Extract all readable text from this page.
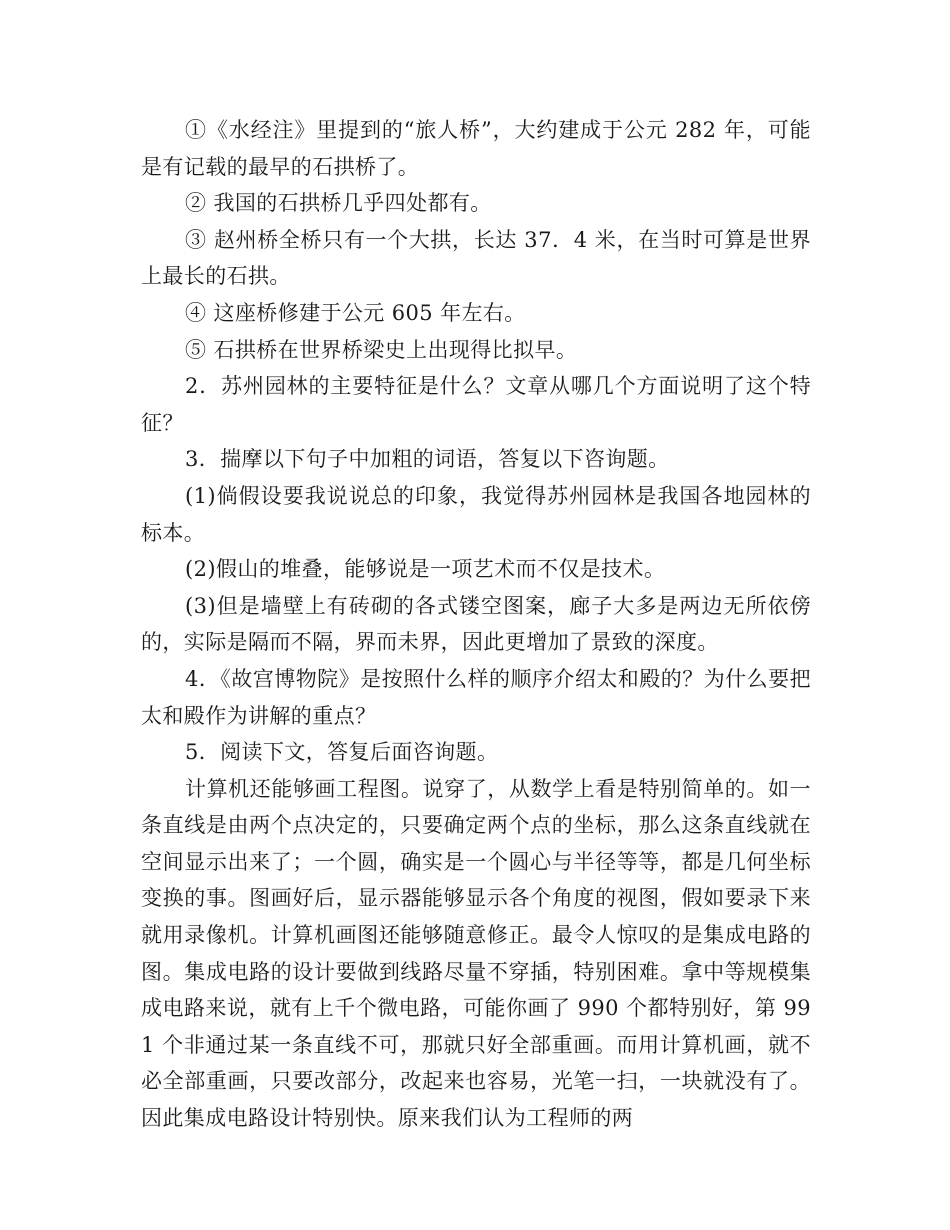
①《水经注》里提到的“旅人桥”，大约建成于公元 282 年，可能是有记载的最早的石拱桥了。

② 我国的石拱桥几乎四处都有。

③ 赵州桥全桥只有一个大拱，长达 37．4 米，在当时可算是世界上最长的石拱。

④ 这座桥修建于公元 605 年左右。

⑤ 石拱桥在世界桥梁史上出现得比拟早。

2．苏州园林的主要特征是什么？文章从哪几个方面说明了这个特征？

3．揣摩以下句子中加粗的词语，答复以下咨询题。

(1)倘假设要我说说总的印象，我觉得苏州园林是我国各地园林的标本。

(2)假山的堆叠，能够说是一项艺术而不仅是技术。

(3)但是墙壁上有砖砌的各式镂空图案，廊子大多是两边无所依傍的，实际是隔而不隔，界而未界，因此更增加了景致的深度。

4．《故宫博物院》是按照什么样的顺序介绍太和殿的？为什么要把太和殿作为讲解的重点？

5．阅读下文，答复后面咨询题。

计算机还能够画工程图。说穿了，从数学上看是特别简单的。如一条直线是由两个点决定的，只要确定两个点的坐标，那么这条直线就在空间显示出来了；一个圆，确实是一个圆心与半径等等，都是几何坐标变换的事。图画好后，显示器能够显示各个角度的视图，假如要录下来就用录像机。计算机画图还能够随意修正。最令人惊叹的是集成电路的图。集成电路的设计要做到线路尽量不穿插，特别困难。拿中等规模集成电路来说，就有上千个微电路，可能你画了 990 个都特别好，第 991 个非通过某一条直线不可，那就只好全部重画。而用计算机画，就不必全部重画，只要改部分，改起来也容易，光笔一扫，一块就没有了。因此集成电路设计特别快。原来我们认为工程师的两
